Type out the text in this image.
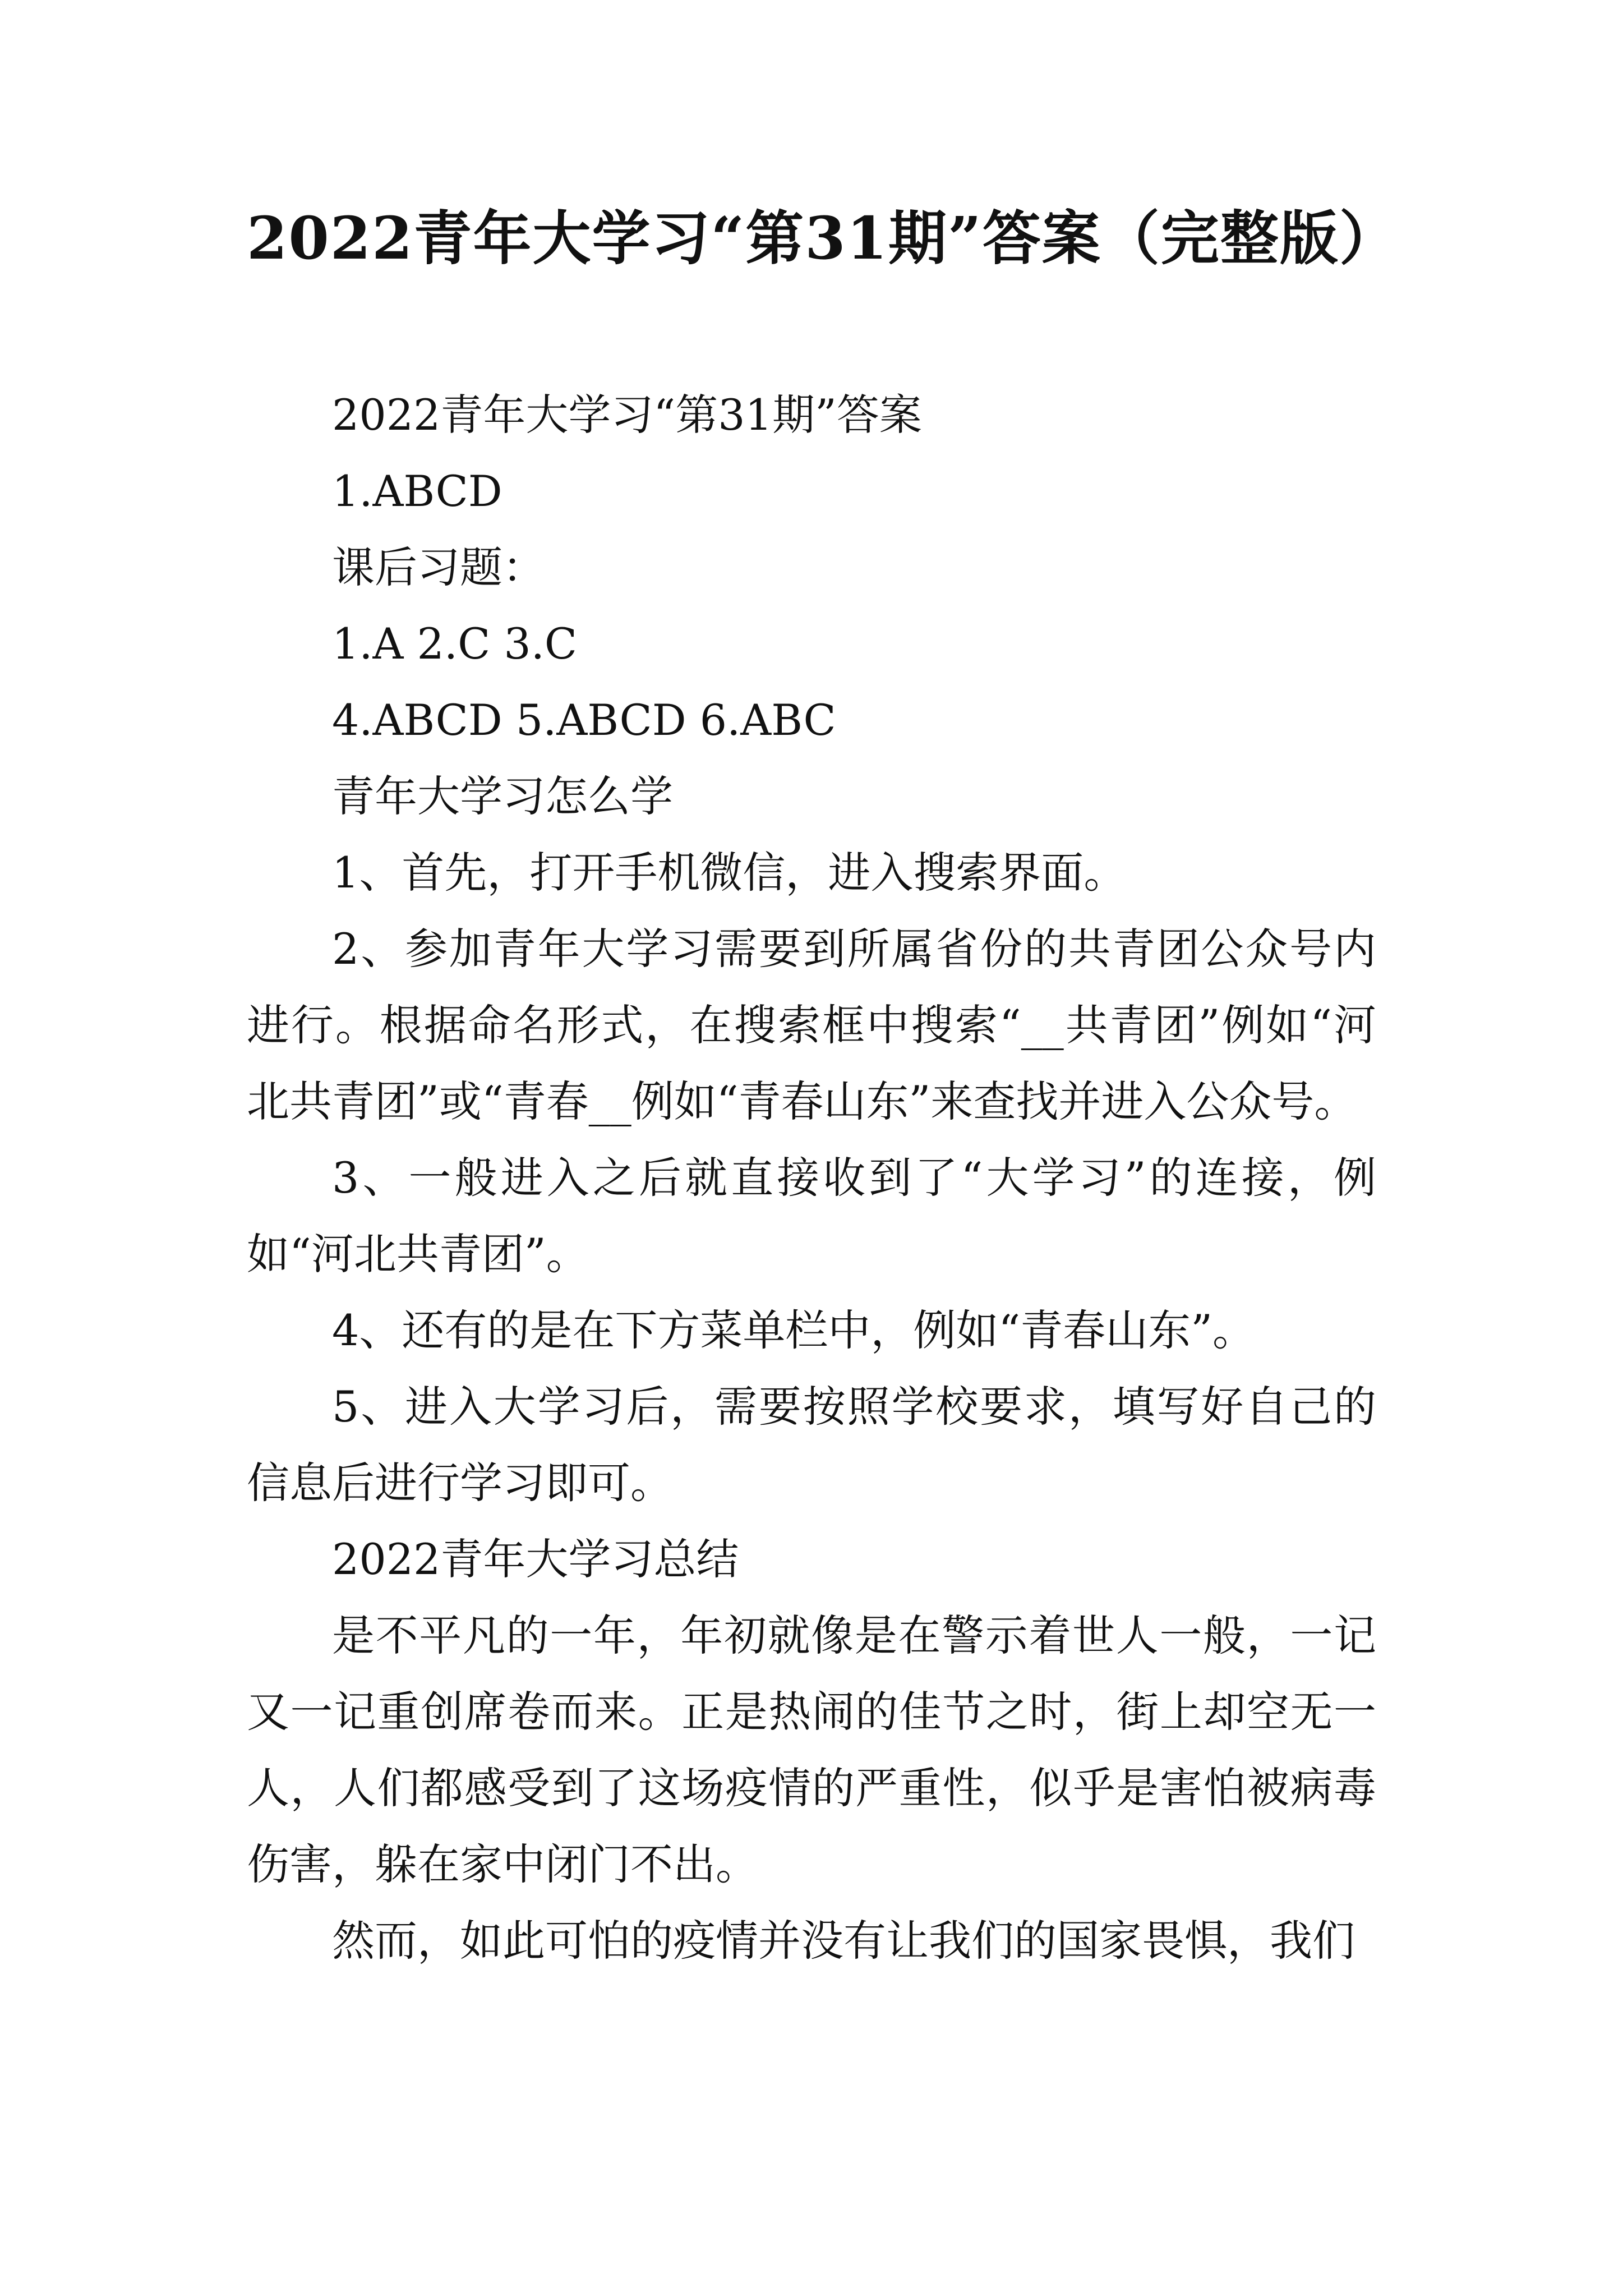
2022青年大学习“第31期”答案（完整版）

2022青年大学习“第31期”答案

1.ABCD

课后习题：

1.A 2.C 3.C

4.ABCD 5.ABCD 6.ABC

青年大学习怎么学

1、首先，打开手机微信，进入搜索界面。

2、参加青年大学习需要到所属省份的共青团公众号内进行。根据命名形式，在搜索框中搜索“__共青团”例如“河北共青团”或“青春__例如“青春山东”来查找并进入公众号。

3、一般进入之后就直接收到了“大学习”的连接，例如“河北共青团”。

4、还有的是在下方菜单栏中，例如“青春山东”。

5、进入大学习后，需要按照学校要求，填写好自己的信息后进行学习即可。

2022青年大学习总结

是不平凡的一年，年初就像是在警示着世人一般，一记又一记重创席卷而来。正是热闹的佳节之时，街上却空无一人，人们都感受到了这场疫情的严重性，似乎是害怕被病毒伤害，躲在家中闭门不出。

然而，如此可怕的疫情并没有让我们的国家畏惧，我们
